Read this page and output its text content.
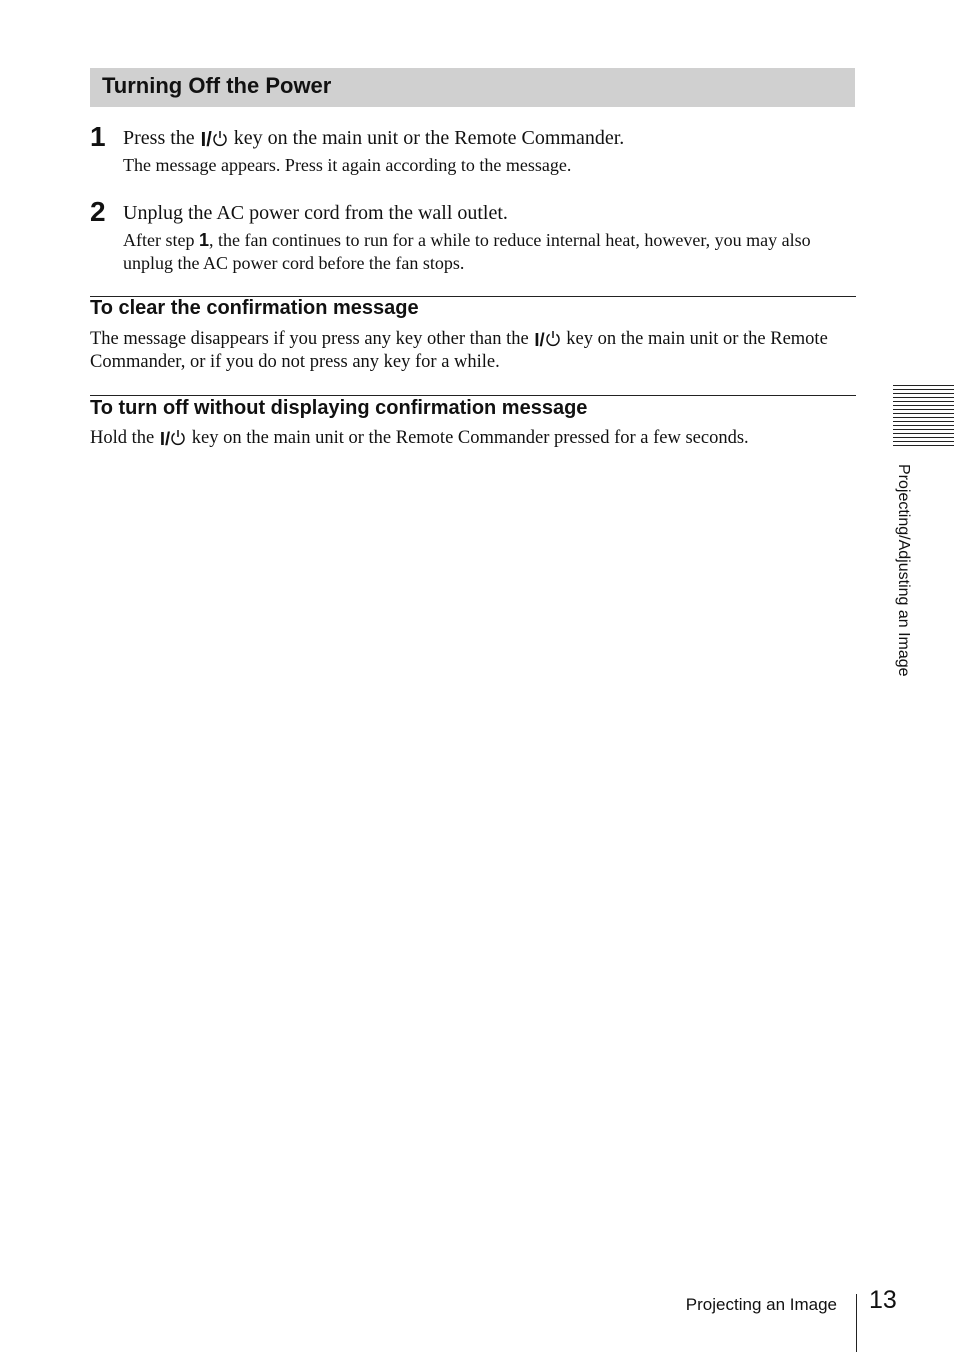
Turning Off the Power
1 Press the I/ key on the main unit or the Remote Commander.
The message appears. Press it again according to the message.
2 Unplug the AC power cord from the wall outlet.
After step 1, the fan continues to run for a while to reduce internal heat, however, you may also unplug the AC power cord before the fan stops.
To clear the confirmation message
The message disappears if you press any key other than the I/ key on the main unit or the Remote Commander, or if you do not press any key for a while.
To turn off without displaying confirmation message
Hold the I/ key on the main unit or the Remote Commander pressed for a few seconds.
Projecting/Adjusting an Image
Projecting an Image 13
